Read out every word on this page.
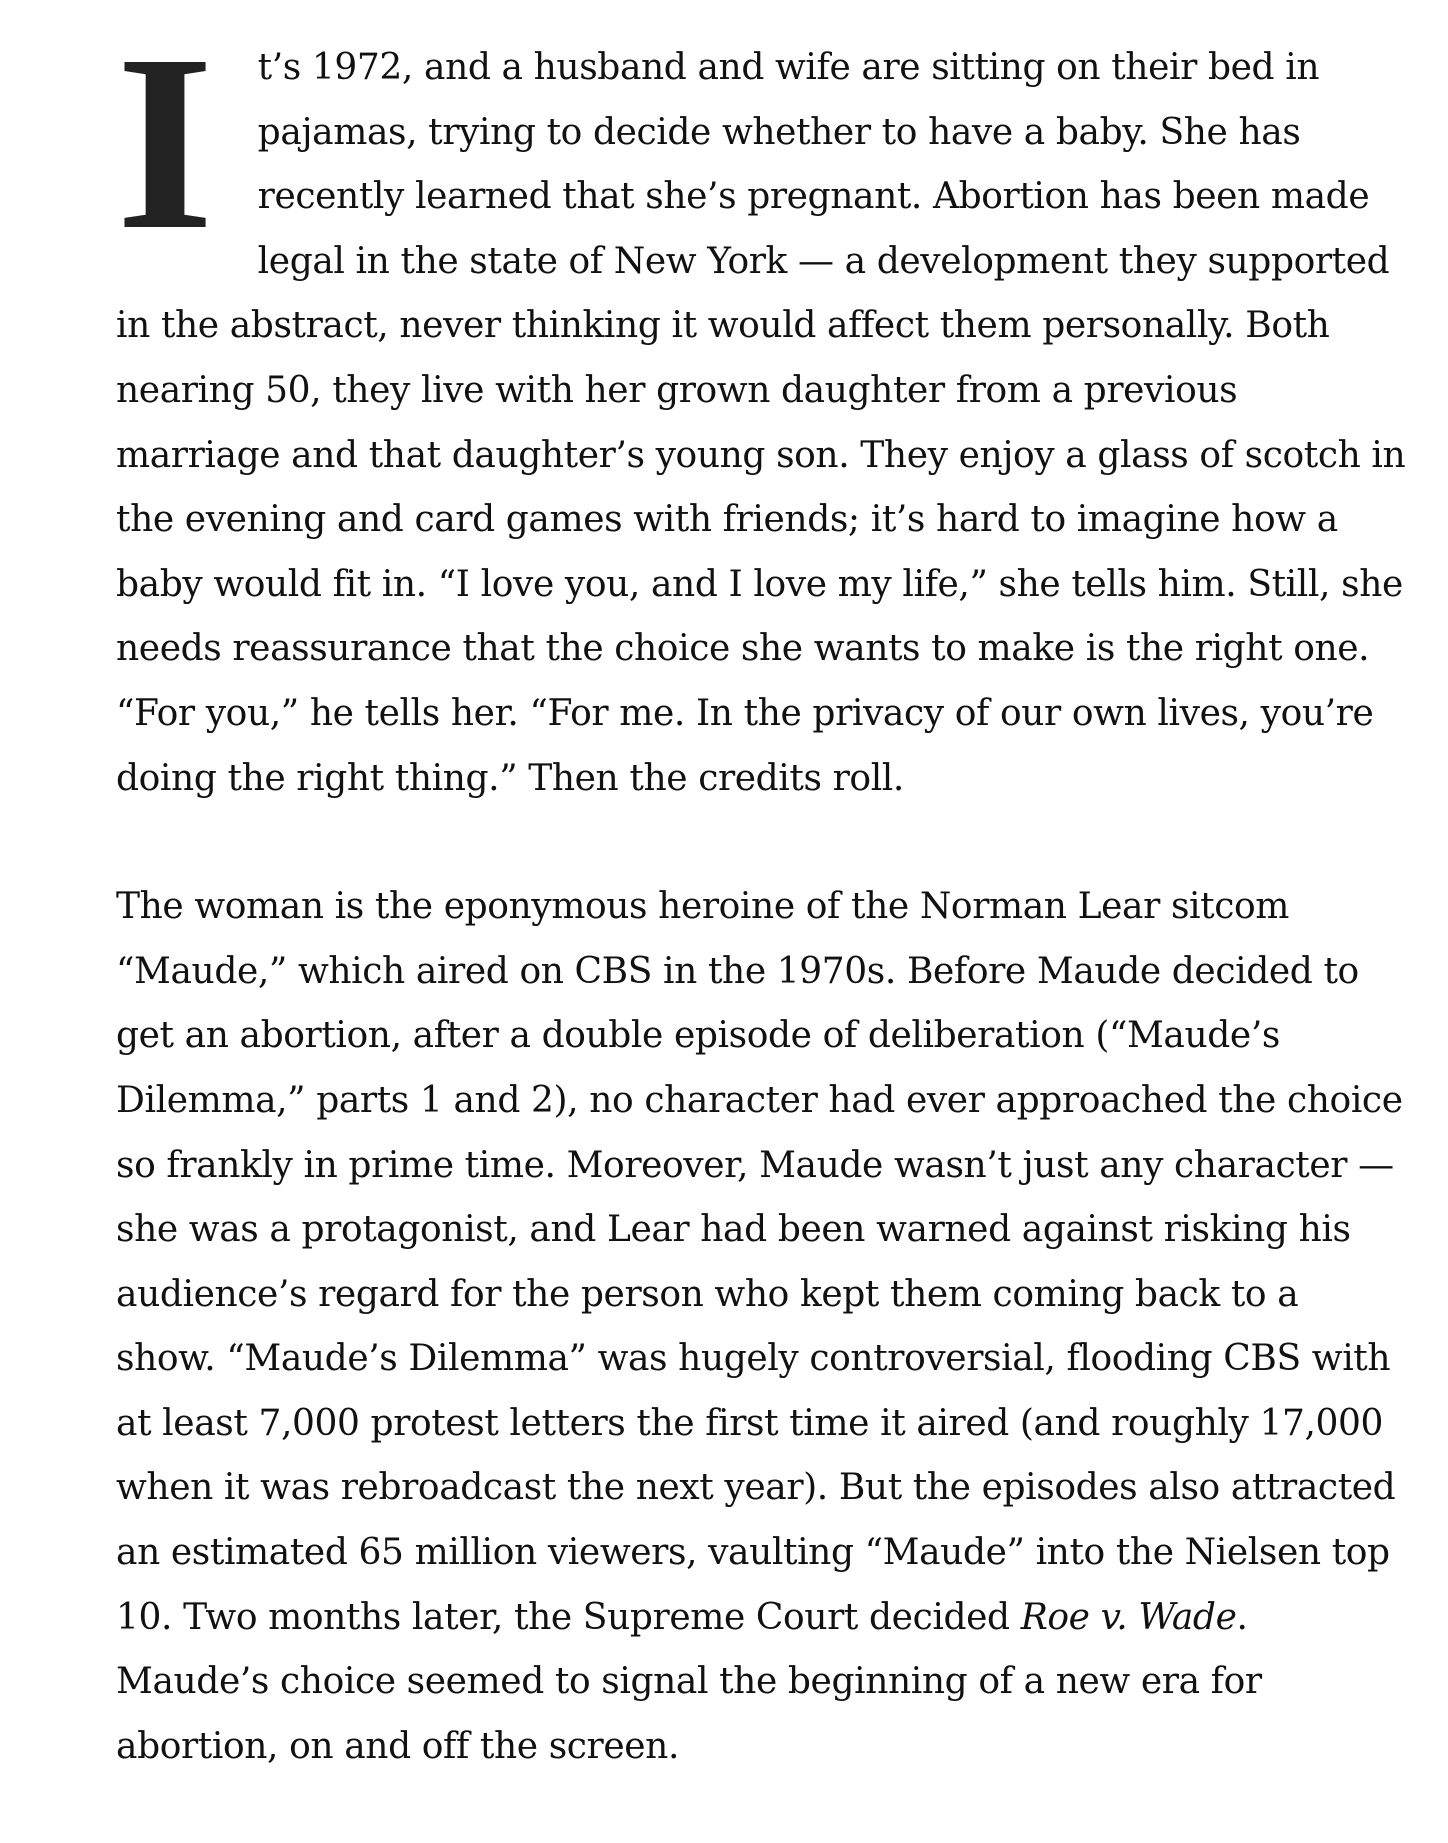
I t’s 1972, and a husband and wife are sitting on their bed in pajamas, trying to decide whether to have a baby. She has recently learned that she’s pregnant. Abortion has been made legal in the state of New York — a development they supported in the abstract, never thinking it would affect them personally. Both nearing 50, they live with her grown daughter from a previous marriage and that daughter’s young son. They enjoy a glass of scotch in the evening and card games with friends; it’s hard to imagine how a baby would fit in. “I love you, and I love my life,” she tells him. Still, she needs reassurance that the choice she wants to make is the right one. “For you,” he tells her. “For me. In the privacy of our own lives, you’re doing the right thing.” Then the credits roll.

The woman is the eponymous heroine of the Norman Lear sitcom “Maude,” which aired on CBS in the 1970s. Before Maude decided to get an abortion, after a double episode of deliberation (“Maude’s Dilemma,” parts 1 and 2), no character had ever approached the choice so frankly in prime time. Moreover, Maude wasn’t just any character — she was a protagonist, and Lear had been warned against risking his audience’s regard for the person who kept them coming back to a show. “Maude’s Dilemma” was hugely controversial, flooding CBS with at least 7,000 protest letters the first time it aired (and roughly 17,000 when it was rebroadcast the next year). But the episodes also attracted an estimated 65 million viewers, vaulting “Maude” into the Nielsen top 10. Two months later, the Supreme Court decided Roe v. Wade. Maude’s choice seemed to signal the beginning of a new era for abortion, on and off the screen.
